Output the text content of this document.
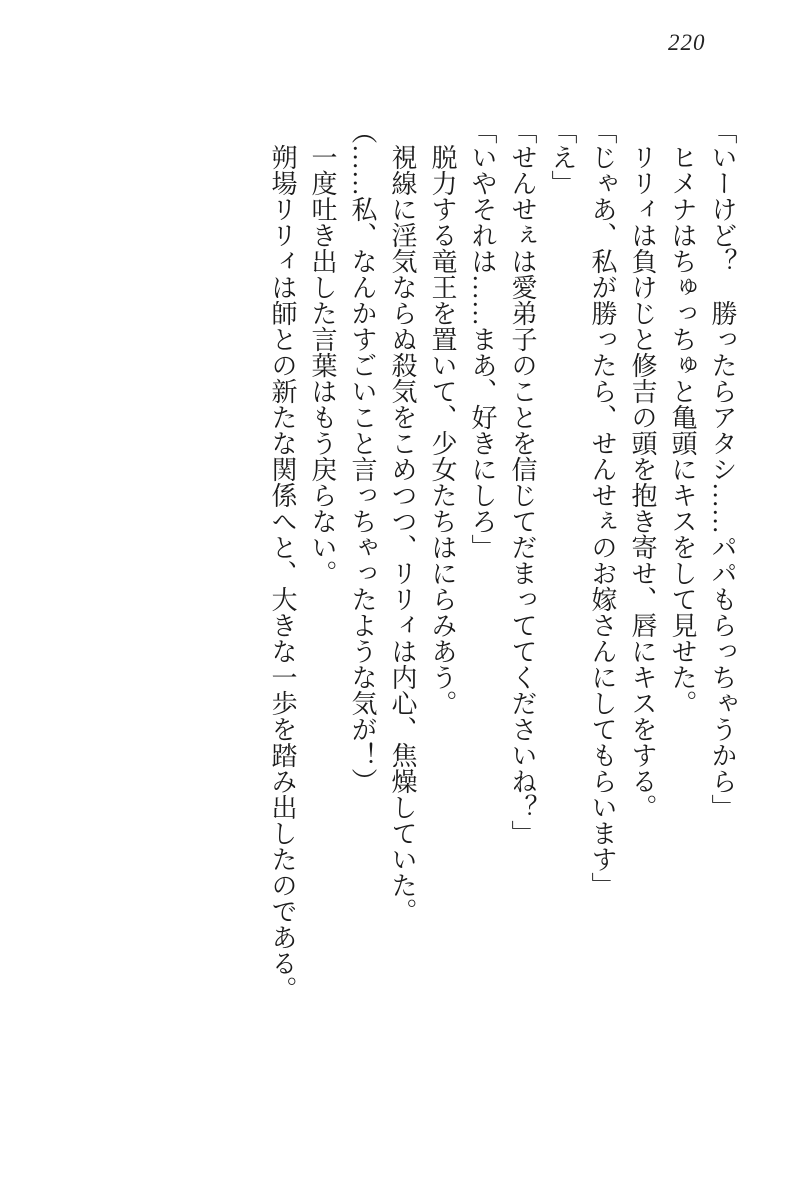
220

「いーけど？　勝ったらアタシ……パパもらっちゃうから」

ヒメナはちゅっちゅと亀頭にキスをして見せた。

リリィは負けじと修吉の頭を抱き寄せ、唇にキスをする。

「じゃあ、私が勝ったら、せんせぇのお嫁さんにしてもらいます」

「え」

「せんせぇは愛弟子のことを信じてだまっててくださいね？」

「いやそれは……まあ、好きにしろ」

脱力する竜王を置いて、少女たちはにらみあう。

視線に淫気ならぬ殺気をこめつつ、リリィは内心、焦燥していた。

（……私、なんかすごいこと言っちゃったような気が！）

一度吐き出した言葉はもう戻らない。

朔場リリィは師との新たな関係へと、大きな一歩を踏み出したのである。
